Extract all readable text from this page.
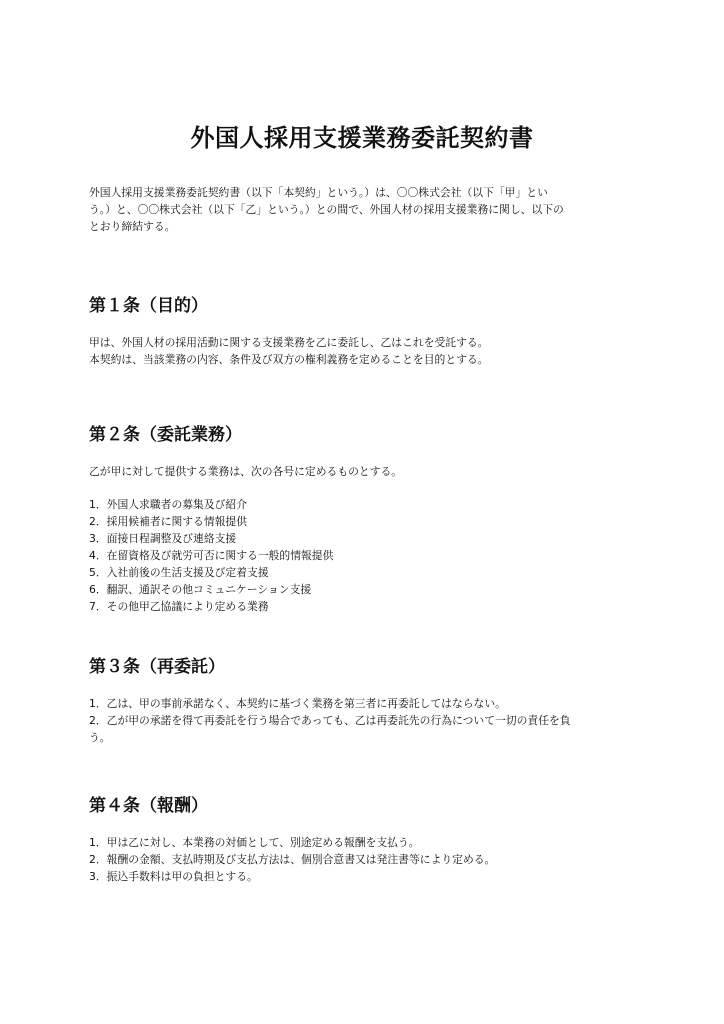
外国人採用支援業務委託契約書
外国人採用支援業務委託契約書（以下「本契約」という。）は、〇〇株式会社（以下「甲」とい
う。）と、〇〇株式会社（以下「乙」という。）との間で、外国人材の採用支援業務に関し、以下の
とおり締結する。
第１条（目的）
甲は、外国人材の採用活動に関する支援業務を乙に委託し、乙はこれを受託する。
本契約は、当該業務の内容、条件及び双方の権利義務を定めることを目的とする。
第２条（委託業務）
乙が甲に対して提供する業務は、次の各号に定めるものとする。
1．外国人求職者の募集及び紹介
2．採用候補者に関する情報提供
3．面接日程調整及び連絡支援
4．在留資格及び就労可否に関する一般的情報提供
5．入社前後の生活支援及び定着支援
6．翻訳、通訳その他コミュニケーション支援
7．その他甲乙協議により定める業務
第３条（再委託）
1．乙は、甲の事前承諾なく、本契約に基づく業務を第三者に再委託してはならない。
2．乙が甲の承諾を得て再委託を行う場合であっても、乙は再委託先の行為について一切の責任を負
う。
第４条（報酬）
1．甲は乙に対し、本業務の対価として、別途定める報酬を支払う。
2．報酬の金額、支払時期及び支払方法は、個別合意書又は発注書等により定める。
3．振込手数料は甲の負担とする。
